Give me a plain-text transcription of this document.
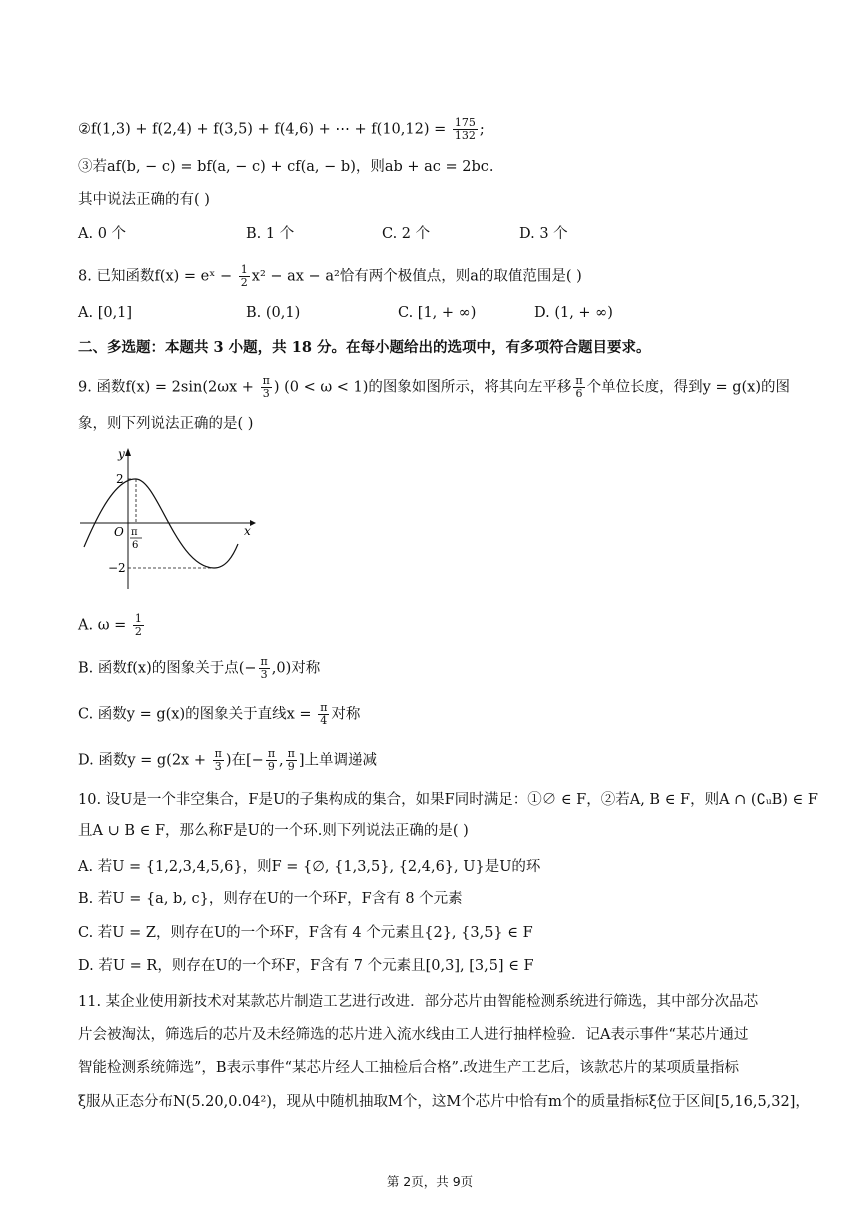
②f(1,3) + f(2,4) + f(3,5) + f(4,6) + ⋯ + $f(10,12) = \frac{175}{132}$ ;
③若af(b, − c) = bf(a, − c) + cf(a, − b)，则ab + ac = 2bc.
其中说法正确的有( )
A. 0 个	B. 1 个	C. 2 个	D. 3 个
8. 已知函数f(x) = eˣ − $\frac{1}{2} x^2$ − ax − a²恰有两个极值点，则a的取值范围是( )
A. [0,1]	B. (0,1)	C. [1, + ∞)	D. (1, + ∞)
二、多选题：本题共 3 小题，共 18 分。在每小题给出的选项中，有多项符合题目要求。
9. 函数$f(x) = 2\sin(2\omega x + \frac{\pi}{3}$ ) (0 < ω < 1)的图象如图所示，将其向左平移 $\frac{\pi}{6}$ 个单位长度，得到y = g(x)的图
象，则下列说法正确的是( )
y
x
O
2
−2
π
6
A. $\omega = \frac{1}{2}$
B. 函数f(x)的图象关于点(− $\frac{\pi}{3} ,0$)对称
C. 函数y = g(x)的图象关于直线$x = \frac{\pi}{4}$ 对称
D. 函数$y = g(2x + \frac{\pi}{3}$ )在[− $\frac{\pi}{9}$ , $\frac{\pi}{9}$ ]上单调递减
10. 设U是一个非空集合，F是U的子集构成的集合，如果F同时满足：①∅ ∈ F，②若A, B ∈ F，则A ∩ (∁ᵤB) ∈ F
且A ∪ B ∈ F，那么称F是U的一个环.则下列说法正确的是( )
A. 若U = {1,2,3,4,5,6}，则F = {∅, {1,3,5}, {2,4,6}, U}是U的环
B. 若U = {a, b, c}，则存在U的一个环F，F含有 8 个元素
C. 若U = Z，则存在U的一个环F，F含有 4 个元素且{2}, {3,5} ∈ F
D. 若U = R，则存在U的一个环F，F含有 7 个元素且[0,3], [3,5] ∈ F
11. 某企业使用新技术对某款芯片制造工艺进行改进．部分芯片由智能检测系统进行筛选，其中部分次品芯
片会被淘汰，筛选后的芯片及未经筛选的芯片进入流水线由工人进行抽样检验．记A表示事件“某芯片通过
智能检测系统筛选”，B表示事件“某芯片经人工抽检后合格”.改进生产工艺后，该款芯片的某项质量指标
ξ服从正态分布N(5.20,0.04²)，现从中随机抽取M个，这M个芯片中恰有m个的质量指标ξ位于区间[5,16,5,32]，
第 2页，共 9页
